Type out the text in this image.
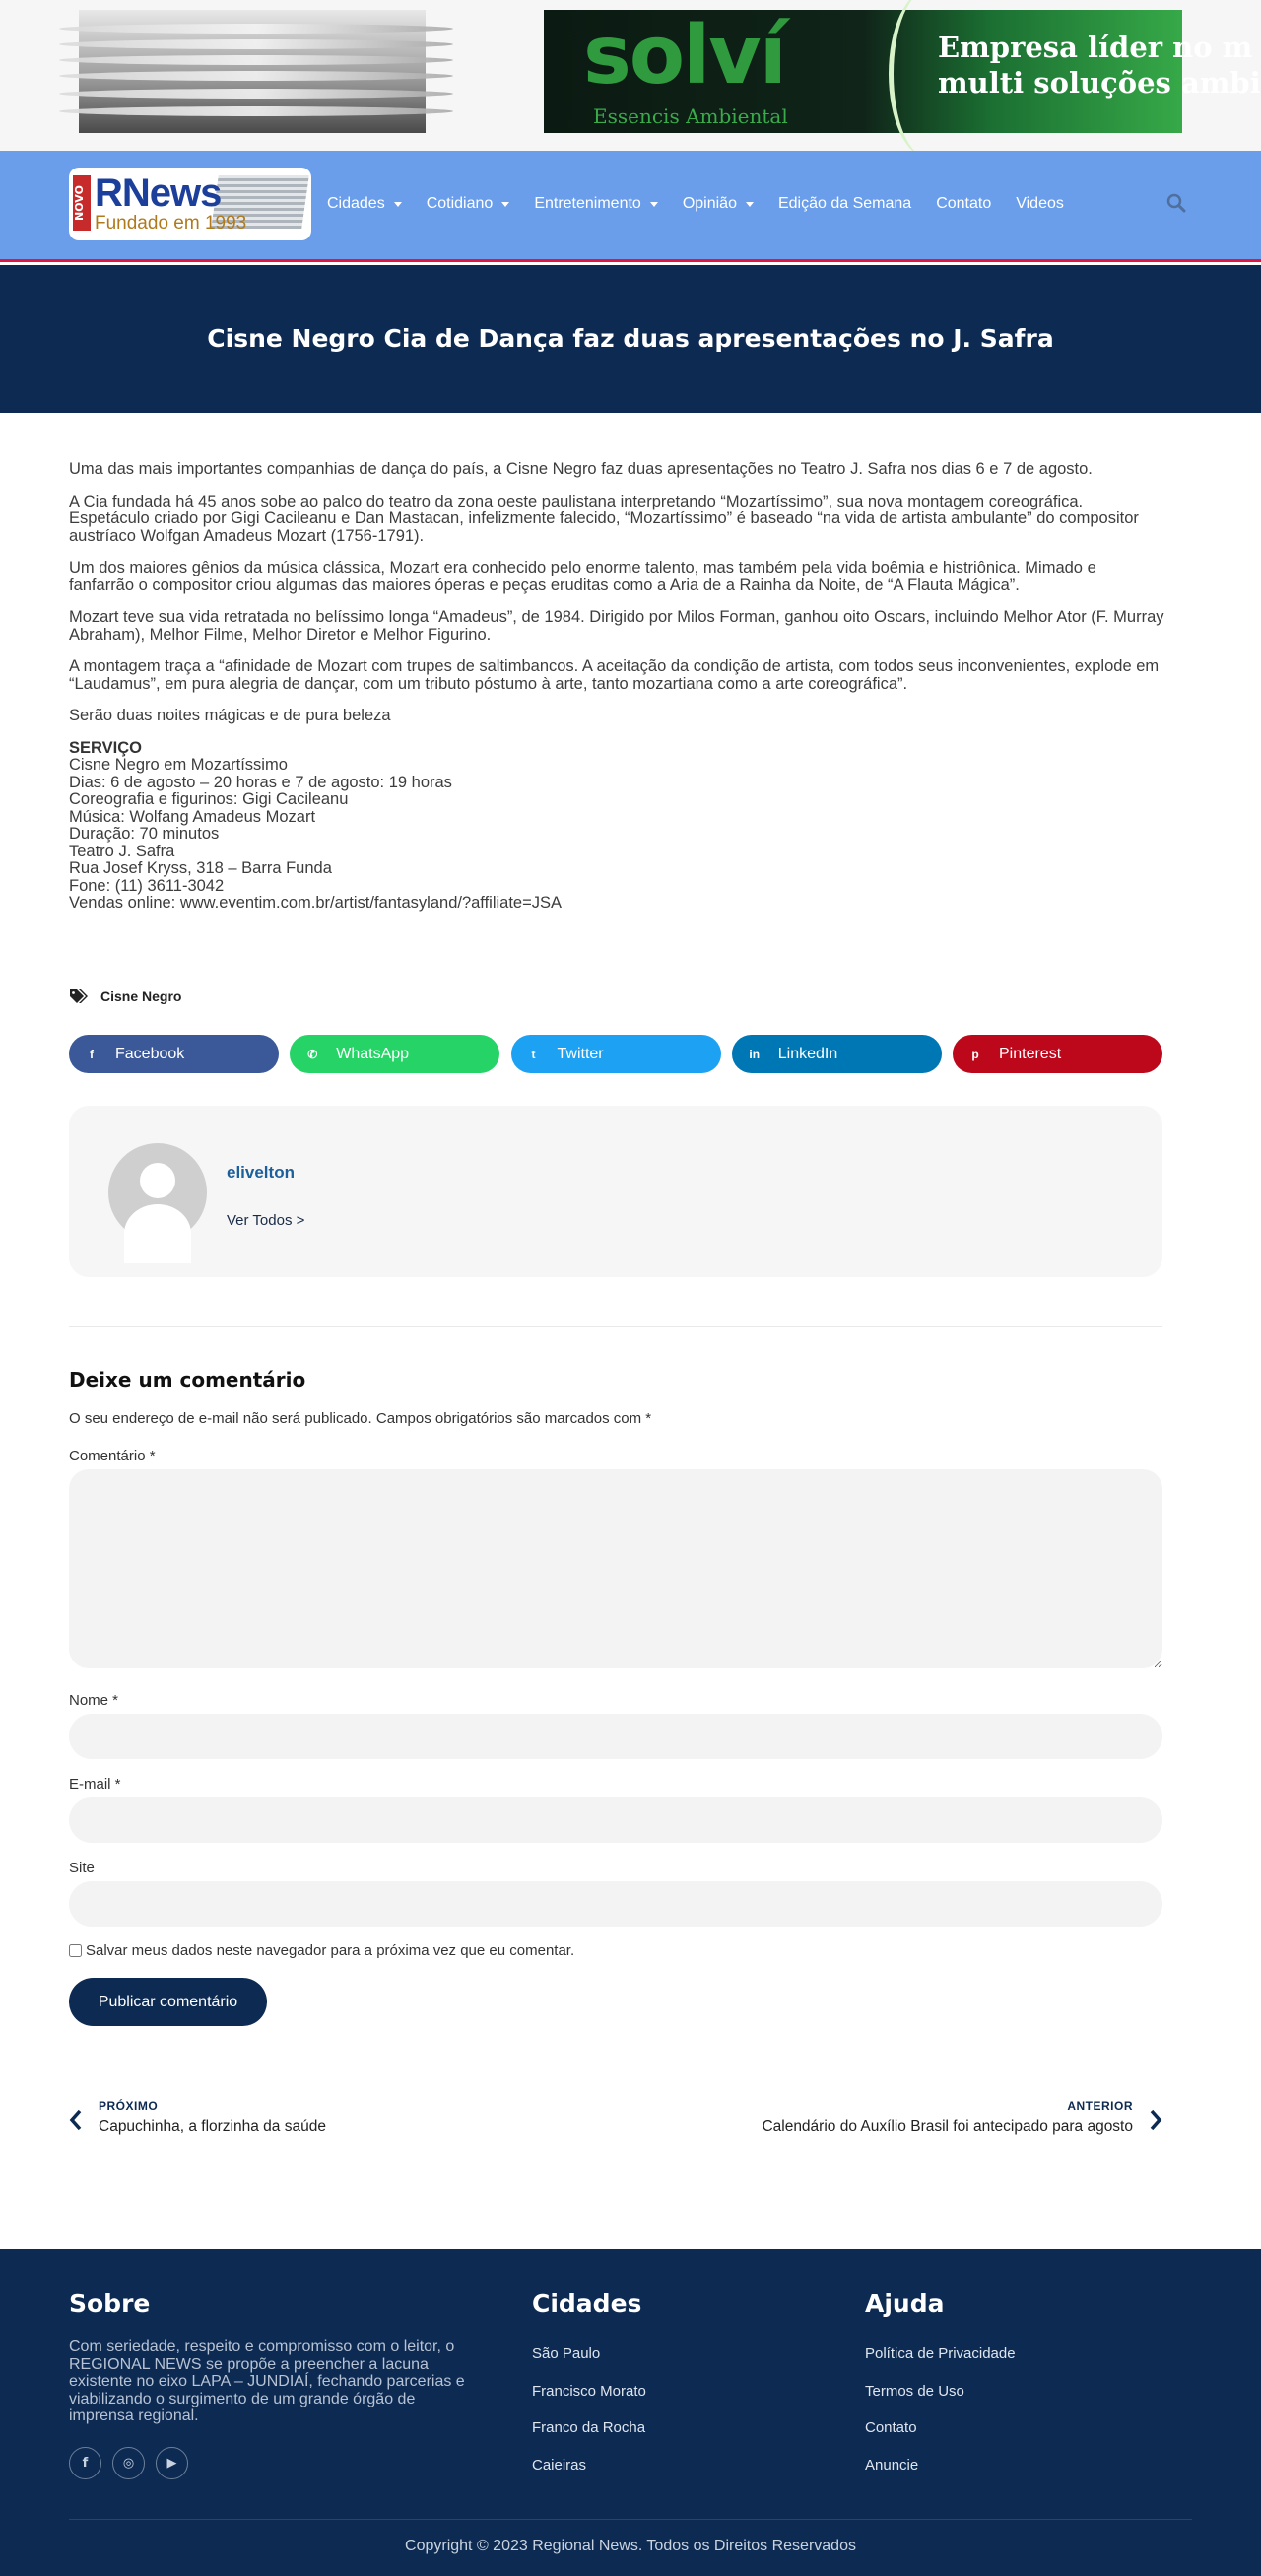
solví
Essencis Ambiental
Empresa líder no m
multi soluções ambi
NOVO RNews
Fundado em 1993
Cidades	Cotidiano	Entretenimento	Opinião	Edição da Semana Contato Videos
Cisne Negro Cia de Dança faz duas apresentações no J. Safra

Uma das mais importantes companhias de dança do país, a Cisne Negro faz duas apresentações no Teatro J. Safra nos dias 6 e 7 de agosto.

A Cia fundada há 45 anos sobe ao palco do teatro da zona oeste paulistana interpretando “Mozartíssimo”, sua nova montagem coreográfica. Espetáculo criado por Gigi Cacileanu e Dan Mastacan, infelizmente falecido, “Mozartíssimo” é baseado “na vida de artista ambulante” do compositor austríaco Wolfgan Amadeus Mozart (1756-1791).

Um dos maiores gênios da música clássica, Mozart era conhecido pelo enorme talento, mas também pela vida boêmia e histriônica. Mimado e fanfarrão o compositor criou algumas das maiores óperas e peças eruditas como a Aria de a Rainha da Noite, de “A Flauta Mágica”.

Mozart teve sua vida retratada no belíssimo longa “Amadeus”, de 1984. Dirigido por Milos Forman, ganhou oito Oscars, incluindo Melhor Ator (F. Murray Abraham), Melhor Filme, Melhor Diretor e Melhor Figurino.

A montagem traça a “afinidade de Mozart com trupes de saltimbancos. A aceitação da condição de artista, com todos seus inconvenientes, explode em “Laudamus”, em pura alegria de dançar, com um tributo póstumo à arte, tanto mozartiana como a arte coreográfica”.

Serão duas noites mágicas e de pura beleza

SERVIÇO
Cisne Negro em Mozartíssimo
Dias: 6 de agosto – 20 horas e 7 de agosto: 19 horas
Coreografia e figurinos: Gigi Cacileanu
Música: Wolfang Amadeus Mozart
Duração: 70 minutos
Teatro J. Safra
Rua Josef Kryss, 318 – Barra Funda
Fone: (11) 3611-3042
Vendas online: www.eventim.com.br/artist/fantasyland/?affiliate=JSA
Cisne Negro
f	Facebook	✆	WhatsApp	t	Twitter	in	LinkedIn	p	Pinterest
elivelton
Ver Todos >
Deixe um comentário
O seu endereço de e-mail não será publicado. Campos obrigatórios são marcados com *
Comentário *
Nome *
E-mail *
Site
Salvar meus dados neste navegador para a próxima vez que eu comentar.
Publicar comentário
PRÓXIMO
Capuchinha, a florzinha da saúde
ANTERIOR
Calendário do Auxílio Brasil foi antecipado para agosto
Sobre
Com seriedade, respeito e compromisso com o leitor, o REGIONAL NEWS se propõe a preencher a lacuna existente no eixo LAPA – JUNDIAÍ, fechando parcerias e viabilizando o surgimento de um grande órgão de imprensa regional.
f	◎	▶
Cidades
São Paulo
Francisco Morato
Franco da Rocha
Caieiras
Ajuda
Política de Privacidade
Termos de Uso
Contato
Anuncie
Copyright © 2023 Regional News. Todos os Direitos Reservados
